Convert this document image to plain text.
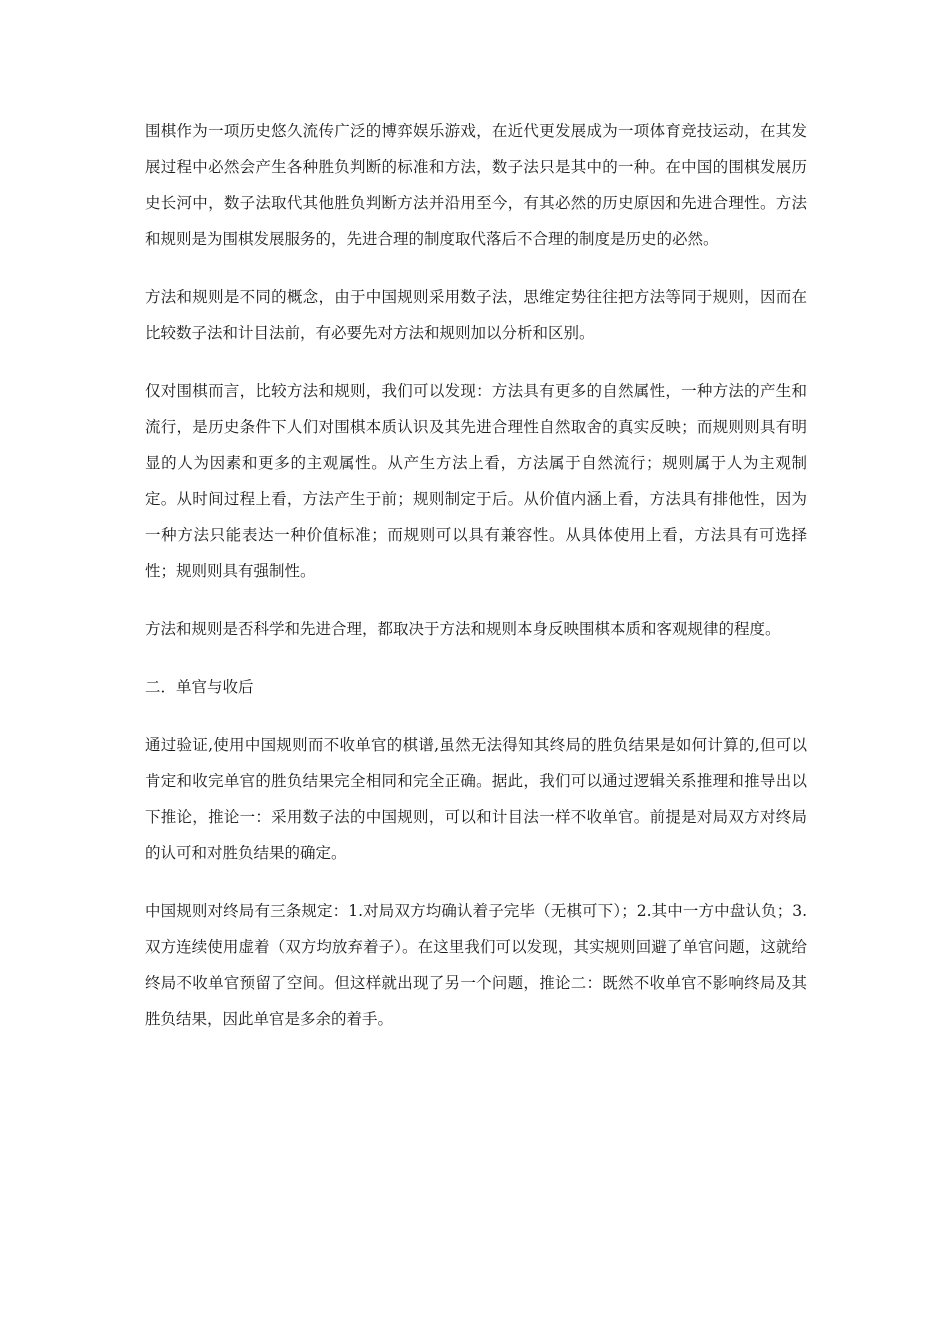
围棋作为一项历史悠久流传广泛的博弈娱乐游戏，在近代更发展成为一项体育竞技运动，在其发展过程中必然会产生各种胜负判断的标准和方法，数子法只是其中的一种。在中国的围棋发展历史长河中，数子法取代其他胜负判断方法并沿用至今，有其必然的历史原因和先进合理性。方法和规则是为围棋发展服务的，先进合理的制度取代落后不合理的制度是历史的必然。

方法和规则是不同的概念，由于中国规则采用数子法，思维定势往往把方法等同于规则，因而在比较数子法和计目法前，有必要先对方法和规则加以分析和区别。

仅对围棋而言，比较方法和规则，我们可以发现：方法具有更多的自然属性，一种方法的产生和流行，是历史条件下人们对围棋本质认识及其先进合理性自然取舍的真实反映；而规则则具有明显的人为因素和更多的主观属性。从产生方法上看，方法属于自然流行；规则属于人为主观制定。从时间过程上看，方法产生于前；规则制定于后。从价值内涵上看，方法具有排他性，因为一种方法只能表达一种价值标准；而规则可以具有兼容性。从具体使用上看，方法具有可选择性；规则则具有强制性。

方法和规则是否科学和先进合理，都取决于方法和规则本身反映围棋本质和客观规律的程度。

二．单官与收后

通过验证,使用中国规则而不收单官的棋谱,虽然无法得知其终局的胜负结果是如何计算的,但可以肯定和收完单官的胜负结果完全相同和完全正确。据此，我们可以通过逻辑关系推理和推导出以下推论，推论一：采用数子法的中国规则，可以和计目法一样不收单官。前提是对局双方对终局的认可和对胜负结果的确定。

中国规则对终局有三条规定：1.对局双方均确认着子完毕（无棋可下）；2.其中一方中盘认负；3.双方连续使用虚着（双方均放弃着子）。在这里我们可以发现，其实规则回避了单官问题，这就给终局不收单官预留了空间。但这样就出现了另一个问题，推论二：既然不收单官不影响终局及其胜负结果，因此单官是多余的着手。
